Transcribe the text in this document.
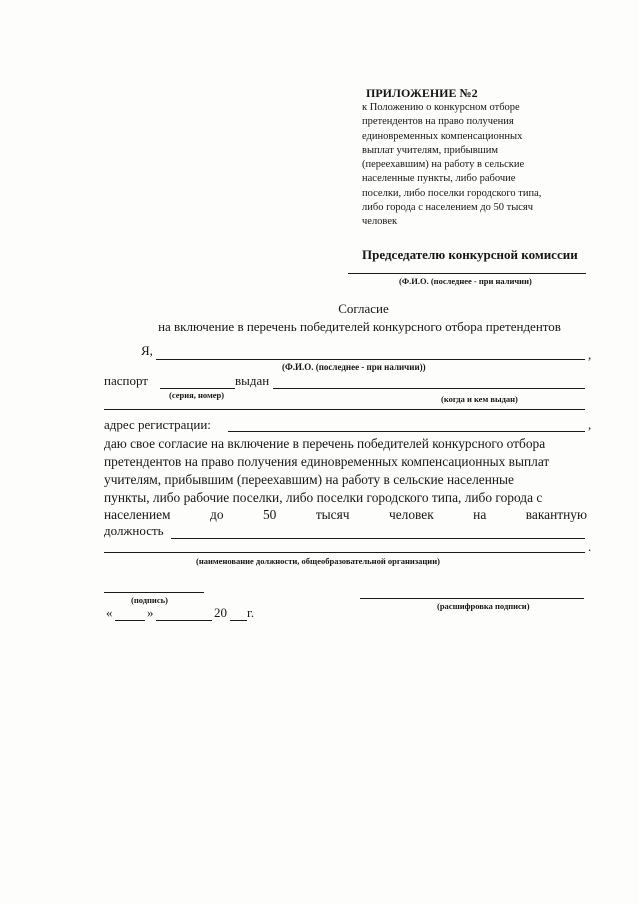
ПРИЛОЖЕНИЕ №2
к Положению о конкурсном отборе
претендентов на право получения
единовременных компенсационных
выплат учителям, прибывшим
(переехавшим) на работу в сельские
населенные пункты, либо рабочие
поселки, либо поселки городского типа,
либо города с населением до 50 тысяч
человек
Председателю конкурсной комиссии
(Ф.И.О. (последнее - при наличии)
Согласие
на включение в перечень победителей конкурсного отбора претендентов
Я,	,
(Ф.И.О. (последнее - при наличии))
паспорт	выдан
(серия, номер)	(когда и кем выдан)
адрес регистрации:	,
даю свое согласие на включение в перечень победителей конкурсного отбора
претендентов на право получения единовременных компенсационных выплат
учителям, прибывшим (переехавшим) на работу в сельские населенные
пункты, либо рабочие поселки, либо поселки городского типа, либо города с
населением	до	50	тысяч	человек	на	вакантную
должность
.
(наименование должности, общеобразовательной организации)
(подпись)
(расшифровка подписи)
«	»	20 г.
